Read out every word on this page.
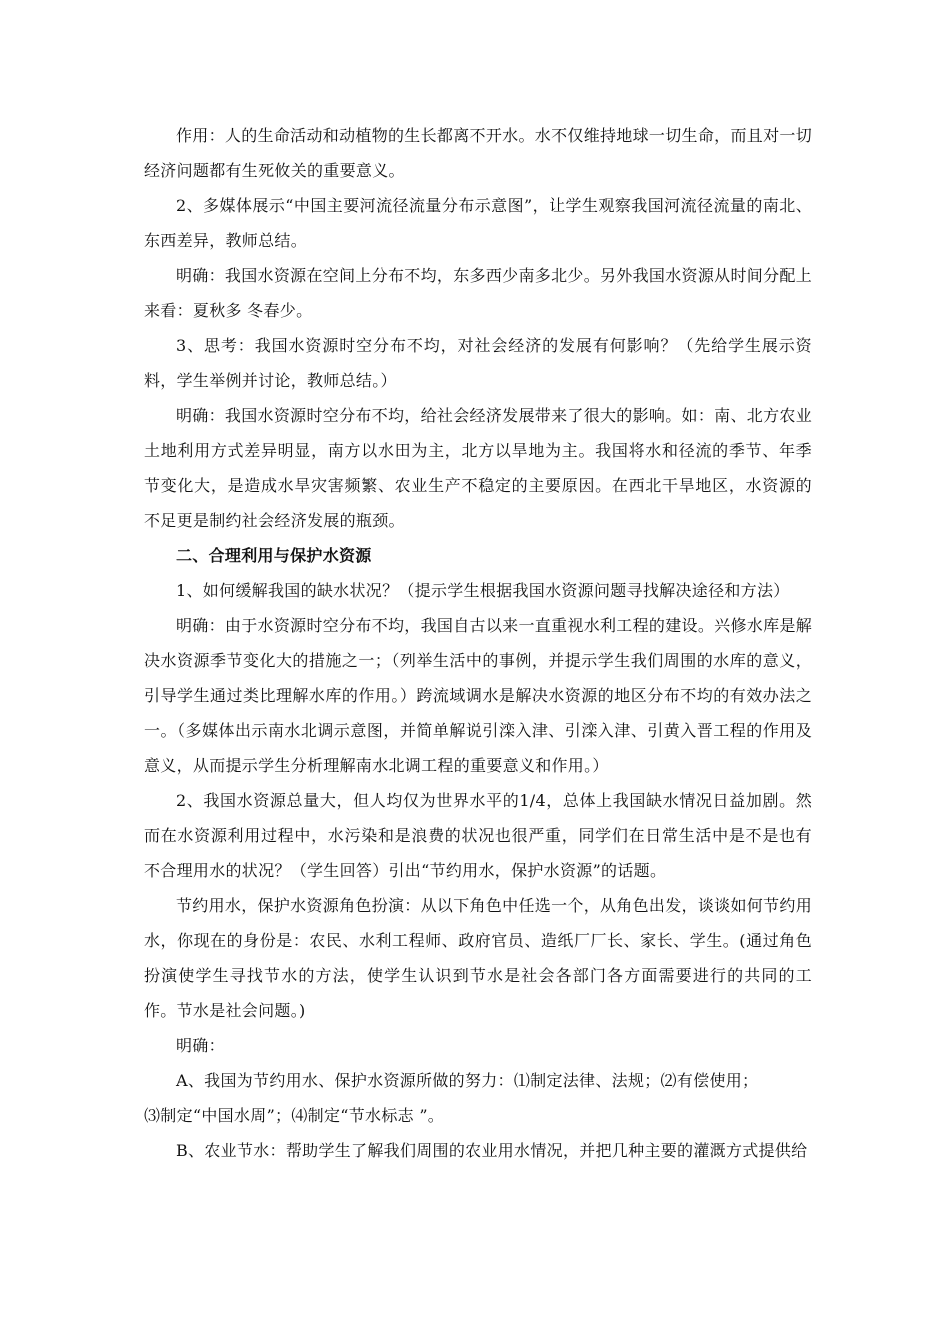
作用：人的生命活动和动植物的生长都离不开水。水不仅维持地球一切生命，而且对一切经济问题都有生死攸关的重要意义。

2、多媒体展示“中国主要河流径流量分布示意图”，让学生观察我国河流径流量的南北、东西差异，教师总结。

明确：我国水资源在空间上分布不均，东多西少南多北少。另外我国水资源从时间分配上来看：夏秋多 冬春少。

3、思考：我国水资源时空分布不均，对社会经济的发展有何影响？（先给学生展示资料，学生举例并讨论，教师总结。）

明确：我国水资源时空分布不均，给社会经济发展带来了很大的影响。如：南、北方农业土地利用方式差异明显，南方以水田为主，北方以旱地为主。我国将水和径流的季节、年季节变化大，是造成水旱灾害频繁、农业生产不稳定的主要原因。在西北干旱地区，水资源的不足更是制约社会经济发展的瓶颈。

二、合理利用与保护水资源

1、如何缓解我国的缺水状况？（提示学生根据我国水资源问题寻找解决途径和方法）

明确：由于水资源时空分布不均，我国自古以来一直重视水利工程的建设。兴修水库是解决水资源季节变化大的措施之一；（列举生活中的事例，并提示学生我们周围的水库的意义，引导学生通过类比理解水库的作用。）跨流域调水是解决水资源的地区分布不均的有效办法之一。（多媒体出示南水北调示意图，并简单解说引滦入津、引滦入津、引黄入晋工程的作用及意义，从而提示学生分析理解南水北调工程的重要意义和作用。）

2、我国水资源总量大，但人均仅为世界水平的1/4，总体上我国缺水情况日益加剧。然而在水资源利用过程中，水污染和是浪费的状况也很严重，同学们在日常生活中是不是也有不合理用水的状况？（学生回答）引出“节约用水，保护水资源”的话题。

节约用水，保护水资源角色扮演：从以下角色中任选一个，从角色出发，谈谈如何节约用水，你现在的身份是：农民、水利工程师、政府官员、造纸厂厂长、家长、学生。(通过角色扮演使学生寻找节水的方法，使学生认识到节水是社会各部门各方面需要进行的共同的工作。节水是社会问题。)

明确：

A、我国为节约用水、保护水资源所做的努力：⑴制定法律、法规；⑵有偿使用；

⑶制定“中国水周”；⑷制定“节水标志 ”。

B、农业节水：帮助学生了解我们周围的农业用水情况，并把几种主要的灌溉方式提供给
